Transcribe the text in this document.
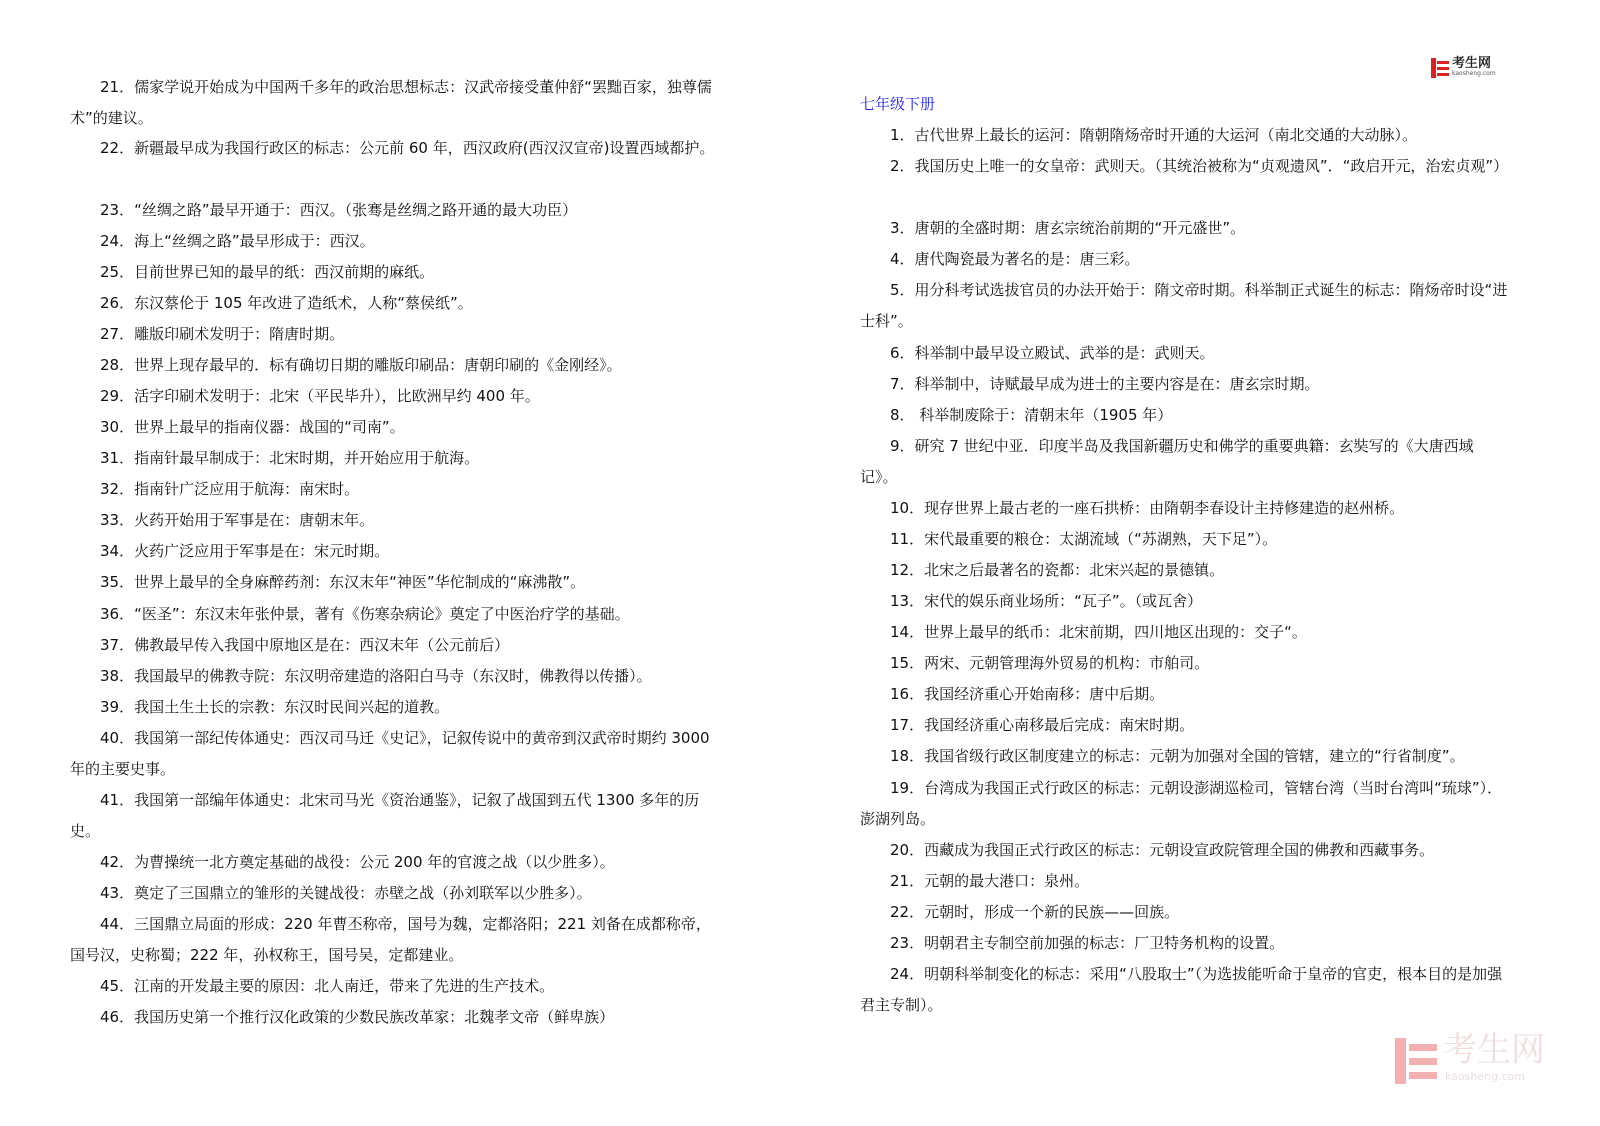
考生网
kaosheng.com
21．儒家学说开始成为中国两千多年的政治思想标志：汉武帝接受董仲舒“罢黜百家，独尊儒术”的建议。
22．新疆最早成为我国行政区的标志：公元前 60 年，西汉政府(西汉汉宣帝)设置西域都护。
23．“丝绸之路”最早开通于：西汉。（张骞是丝绸之路开通的最大功臣）
24．海上“丝绸之路”最早形成于：西汉。
25．目前世界已知的最早的纸：西汉前期的麻纸。
26．东汉蔡伦于 105 年改进了造纸术，人称“蔡侯纸”。
27．雕版印刷术发明于：隋唐时期。
28．世界上现存最早的．标有确切日期的雕版印刷品：唐朝印刷的《金刚经》。
29．活字印刷术发明于：北宋（平民毕升），比欧洲早约 400 年。
30．世界上最早的指南仪器：战国的“司南”。
31．指南针最早制成于：北宋时期，并开始应用于航海。
32．指南针广泛应用于航海：南宋时。
33．火药开始用于军事是在：唐朝末年。
34．火药广泛应用于军事是在：宋元时期。
35．世界上最早的全身麻醉药剂：东汉末年“神医”华佗制成的“麻沸散”。
36．“医圣”：东汉末年张仲景，著有《伤寒杂病论》奠定了中医治疗学的基础。
37．佛教最早传入我国中原地区是在：西汉末年（公元前后）
38．我国最早的佛教寺院：东汉明帝建造的洛阳白马寺（东汉时，佛教得以传播）。
39．我国土生土长的宗教：东汉时民间兴起的道教。
40．我国第一部纪传体通史：西汉司马迁《史记》，记叙传说中的黄帝到汉武帝时期约 3000 年的主要史事。
41．我国第一部编年体通史：北宋司马光《资治通鉴》，记叙了战国到五代 1300 多年的历史。
42．为曹操统一北方奠定基础的战役：公元 200 年的官渡之战（以少胜多）。
43．奠定了三国鼎立的雏形的关键战役：赤壁之战（孙刘联军以少胜多）。
44．三国鼎立局面的形成：220 年曹丕称帝，国号为魏，定都洛阳；221 刘备在成都称帝，国号汉，史称蜀；222 年，孙权称王，国号吴，定都建业。
45．江南的开发最主要的原因：北人南迁，带来了先进的生产技术。
46．我国历史第一个推行汉化政策的少数民族改革家：北魏孝文帝（鲜卑族）
七年级下册
1．古代世界上最长的运河：隋朝隋炀帝时开通的大运河（南北交通的大动脉）。
2．我国历史上唯一的女皇帝：武则天。（其统治被称为“贞观遗风”．“政启开元，治宏贞观”）
3．唐朝的全盛时期：唐玄宗统治前期的“开元盛世”。
4．唐代陶瓷最为著名的是：唐三彩。
5．用分科考试选拔官员的办法开始于：隋文帝时期。科举制正式诞生的标志：隋炀帝时设“进士科”。
6．科举制中最早设立殿试、武举的是：武则天。
7．科举制中，诗赋最早成为进士的主要内容是在：唐玄宗时期。
8． 科举制废除于：清朝末年（1905 年）
9．研究 7 世纪中亚．印度半岛及我国新疆历史和佛学的重要典籍：玄奘写的《大唐西域记》。
10．现存世界上最古老的一座石拱桥：由隋朝李春设计主持修建造的赵州桥。
11．宋代最重要的粮仓：太湖流域（“苏湖熟，天下足”）。
12．北宋之后最著名的瓷都：北宋兴起的景德镇。
13．宋代的娱乐商业场所：“瓦子”。（或瓦舍）
14．世界上最早的纸币：北宋前期，四川地区出现的：交子“。
15．两宋、元朝管理海外贸易的机构：市舶司。
16．我国经济重心开始南移：唐中后期。
17．我国经济重心南移最后完成：南宋时期。
18．我国省级行政区制度建立的标志：元朝为加强对全国的管辖，建立的“行省制度”。
19．台湾成为我国正式行政区的标志：元朝设澎湖巡检司，管辖台湾（当时台湾叫“琉球”）．澎湖列岛。
20．西藏成为我国正式行政区的标志：元朝设宣政院管理全国的佛教和西藏事务。
21．元朝的最大港口：泉州。
22．元朝时，形成一个新的民族——回族。
23．明朝君主专制空前加强的标志：厂卫特务机构的设置。
24．明朝科举制变化的标志：采用“八股取士”（为选拔能听命于皇帝的官吏，根本目的是加强君主专制）。
考生网
kaosheng.com
